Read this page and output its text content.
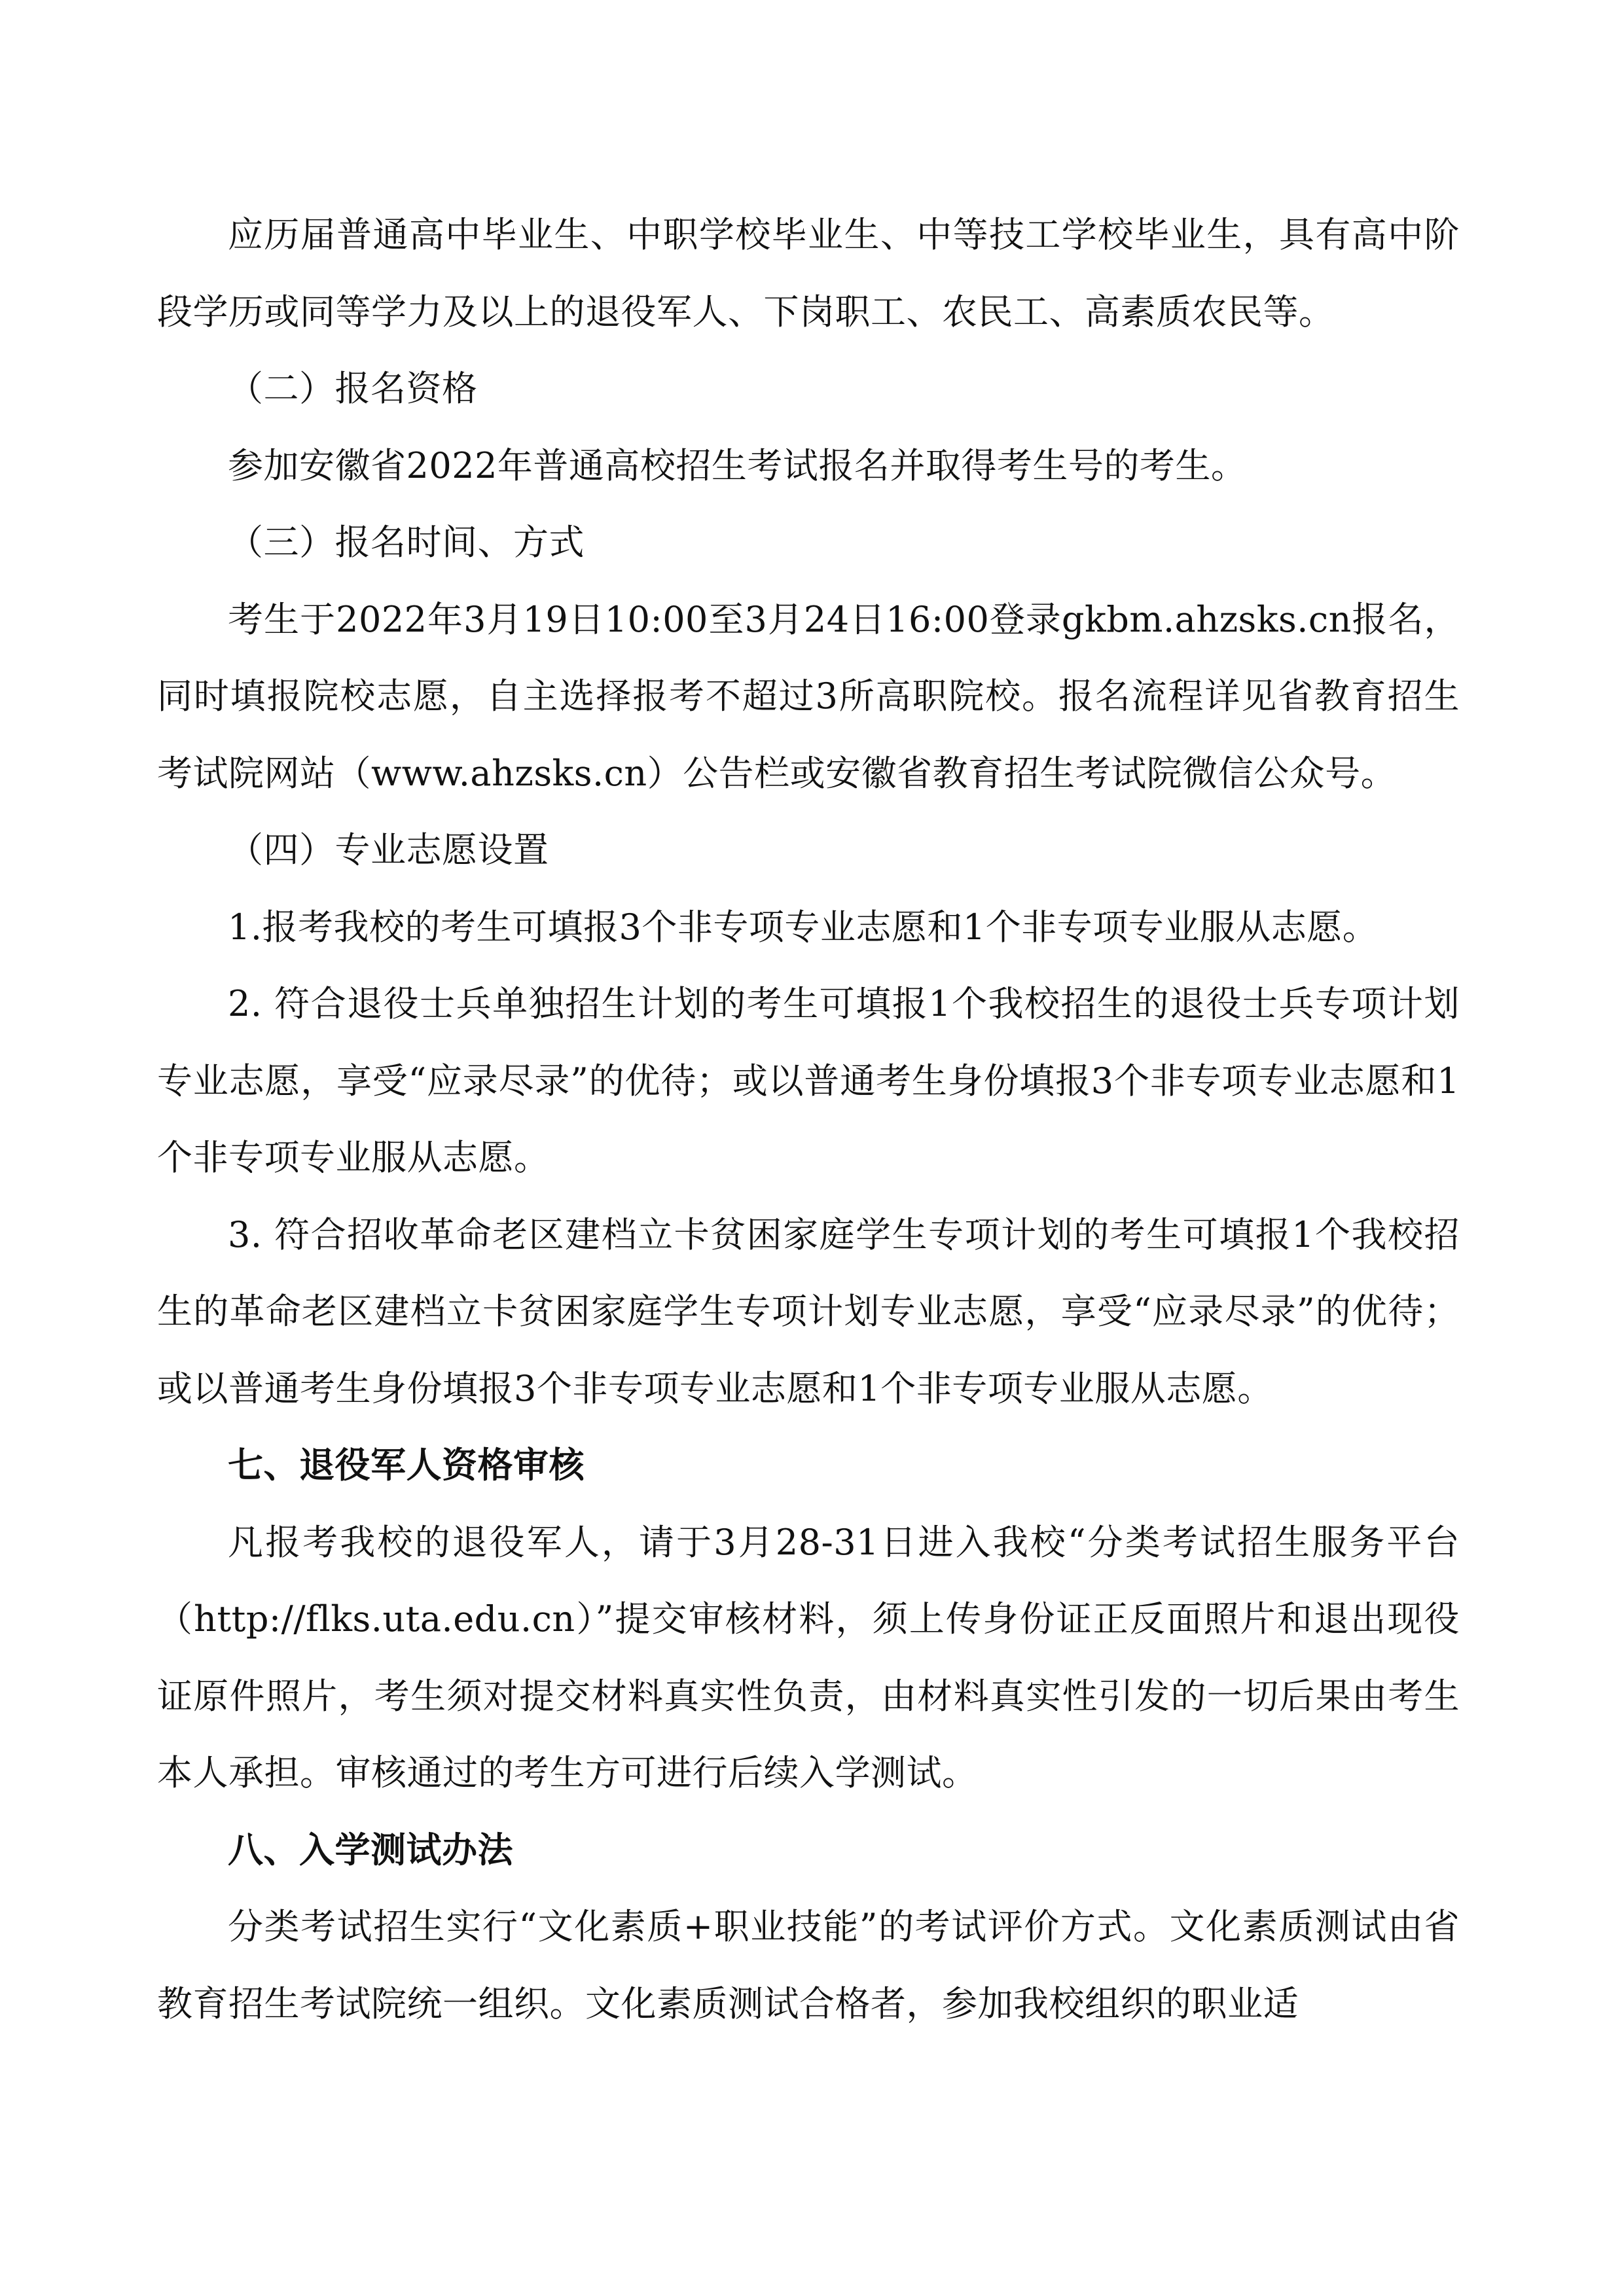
应历届普通高中毕业生、中职学校毕业生、中等技工学校毕业生，具有高中阶段学历或同等学力及以上的退役军人、下岗职工、农民工、高素质农民等。

（二）报名资格

参加安徽省2022年普通高校招生考试报名并取得考生号的考生。

（三）报名时间、方式

考生于2022年3月19日10:00至3月24日16:00登录gkbm.ahzsks.cn报名，同时填报院校志愿，自主选择报考不超过3所高职院校。报名流程详见省教育招生考试院网站（www.ahzsks.cn）公告栏或安徽省教育招生考试院微信公众号。

（四）专业志愿设置

1.报考我校的考生可填报3个非专项专业志愿和1个非专项专业服从志愿。

2. 符合退役士兵单独招生计划的考生可填报1个我校招生的退役士兵专项计划专业志愿，享受“应录尽录”的优待；或以普通考生身份填报3个非专项专业志愿和1个非专项专业服从志愿。

3. 符合招收革命老区建档立卡贫困家庭学生专项计划的考生可填报1个我校招生的革命老区建档立卡贫困家庭学生专项计划专业志愿，享受“应录尽录”的优待；或以普通考生身份填报3个非专项专业志愿和1个非专项专业服从志愿。

七、退役军人资格审核

凡报考我校的退役军人，请于3月28-31日进入我校“分类考试招生服务平台（http://flks.uta.edu.cn）”提交审核材料，须上传身份证正反面照片和退出现役证原件照片，考生须对提交材料真实性负责，由材料真实性引发的一切后果由考生本人承担。审核通过的考生方可进行后续入学测试。

八、入学测试办法

分类考试招生实行“文化素质+职业技能”的考试评价方式。文化素质测试由省教育招生考试院统一组织。文化素质测试合格者，参加我校组织的职业适
